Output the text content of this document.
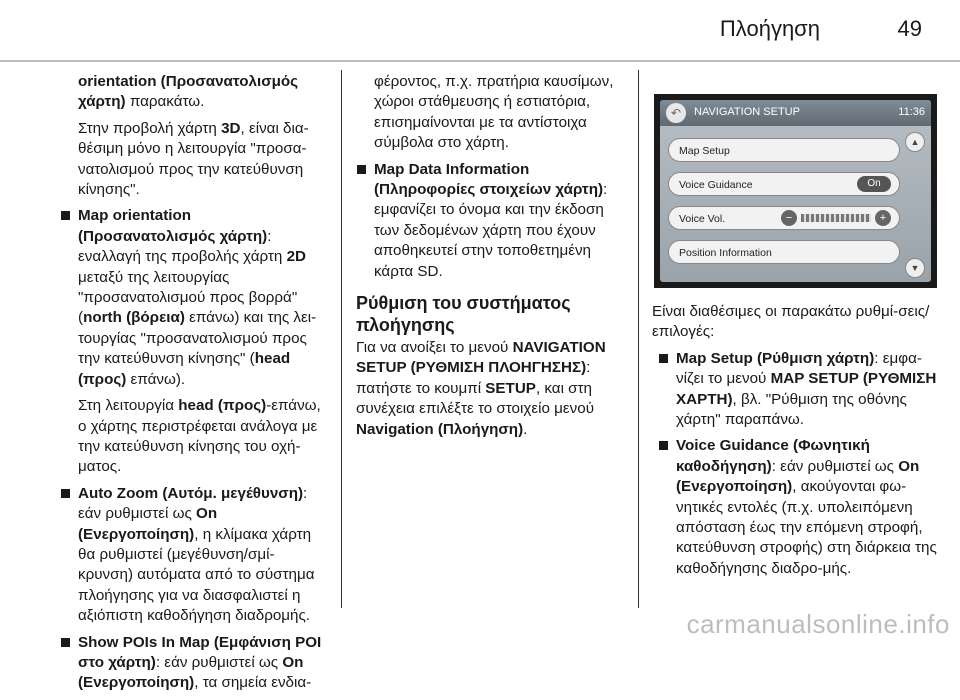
Πλοήγηση	49

orientation (Προσανατολισμός χάρτη) παρακάτω.

Στην προβολή χάρτη 3D, είναι δια-θέσιμη μόνο η λειτουργία "προσα-νατολισμού προς την κατεύθυνση κίνησης".

Map orientation (Προσανατολισμός χάρτη): εναλλαγή της προβολής χάρτη 2D μεταξύ της λειτουργίας "προσανατολισμού προς βορρά" (north (βόρεια) επάνω) και της λει-τουργίας "προσανατολισμού προς την κατεύθυνση κίνησης" (head (προς) επάνω).

Στη λειτουργία head (προς)-επάνω, ο χάρτης περιστρέφεται ανάλογα με την κατεύθυνση κίνησης του οχή-ματος.

Auto Zoom (Αυτόμ. μεγέθυνση): εάν ρυθμιστεί ως On (Ενεργοποίηση), η κλίμακα χάρτη θα ρυθμιστεί (μεγέθυνση/σμί-κρυνση) αυτόματα από το σύστημα πλοήγησης για να διασφαλιστεί η αξιόπιστη καθοδήγηση διαδρομής.
Show POIs In Map (Εμφάνιση POI στο χάρτη): εάν ρυθμιστεί ως On (Ενεργοποίηση), τα σημεία ενδια-

φέροντος, π.χ. πρατήρια καυσίμων, χώροι στάθμευσης ή εστιατόρια, επισημαίνονται με τα αντίστοιχα σύμβολα στο χάρτη.

Map Data Information (Πληροφορίες στοιχείων χάρτη): εμφανίζει το όνομα και την έκδοση των δεδομένων χάρτη που έχουν αποθηκευτεί στην τοποθετημένη κάρτα SD.
Ρύθμιση του συστήματος πλοήγησης

Για να ανοίξει το μενού NAVIGATION SETUP (ΡΥΘΜΙΣΗ ΠΛΟΗΓΗΣΗΣ): πατήστε το κουμπί SETUP, και στη συνέχεια επιλέξτε το στοιχείο μενού Navigation (Πλοήγηση).

↶	NAVIGATION SETUP	11:36
Map Setup
Voice Guidance	On
Voice Vol.	−	+
Position Information
▲
▼

Είναι διαθέσιμες οι παρακάτω ρυθμί-σεις/επιλογές:

Map Setup (Ρύθμιση χάρτη): εμφα-νίζει το μενού MAP SETUP (ΡΥΘΜΙΣΗ ΧΑΡΤΗ), βλ. "Ρύθμιση της οθόνης χάρτη" παραπάνω.
Voice Guidance (Φωνητική καθοδήγηση): εάν ρυθμιστεί ως On (Ενεργοποίηση), ακούγονται φω-νητικές εντολές (π.χ. υπολειπόμενη απόσταση έως την επόμενη στροφή, κατεύθυνση στροφής) στη διάρκεια της καθοδήγησης διαδρο-μής.
carmanualsonline.info
